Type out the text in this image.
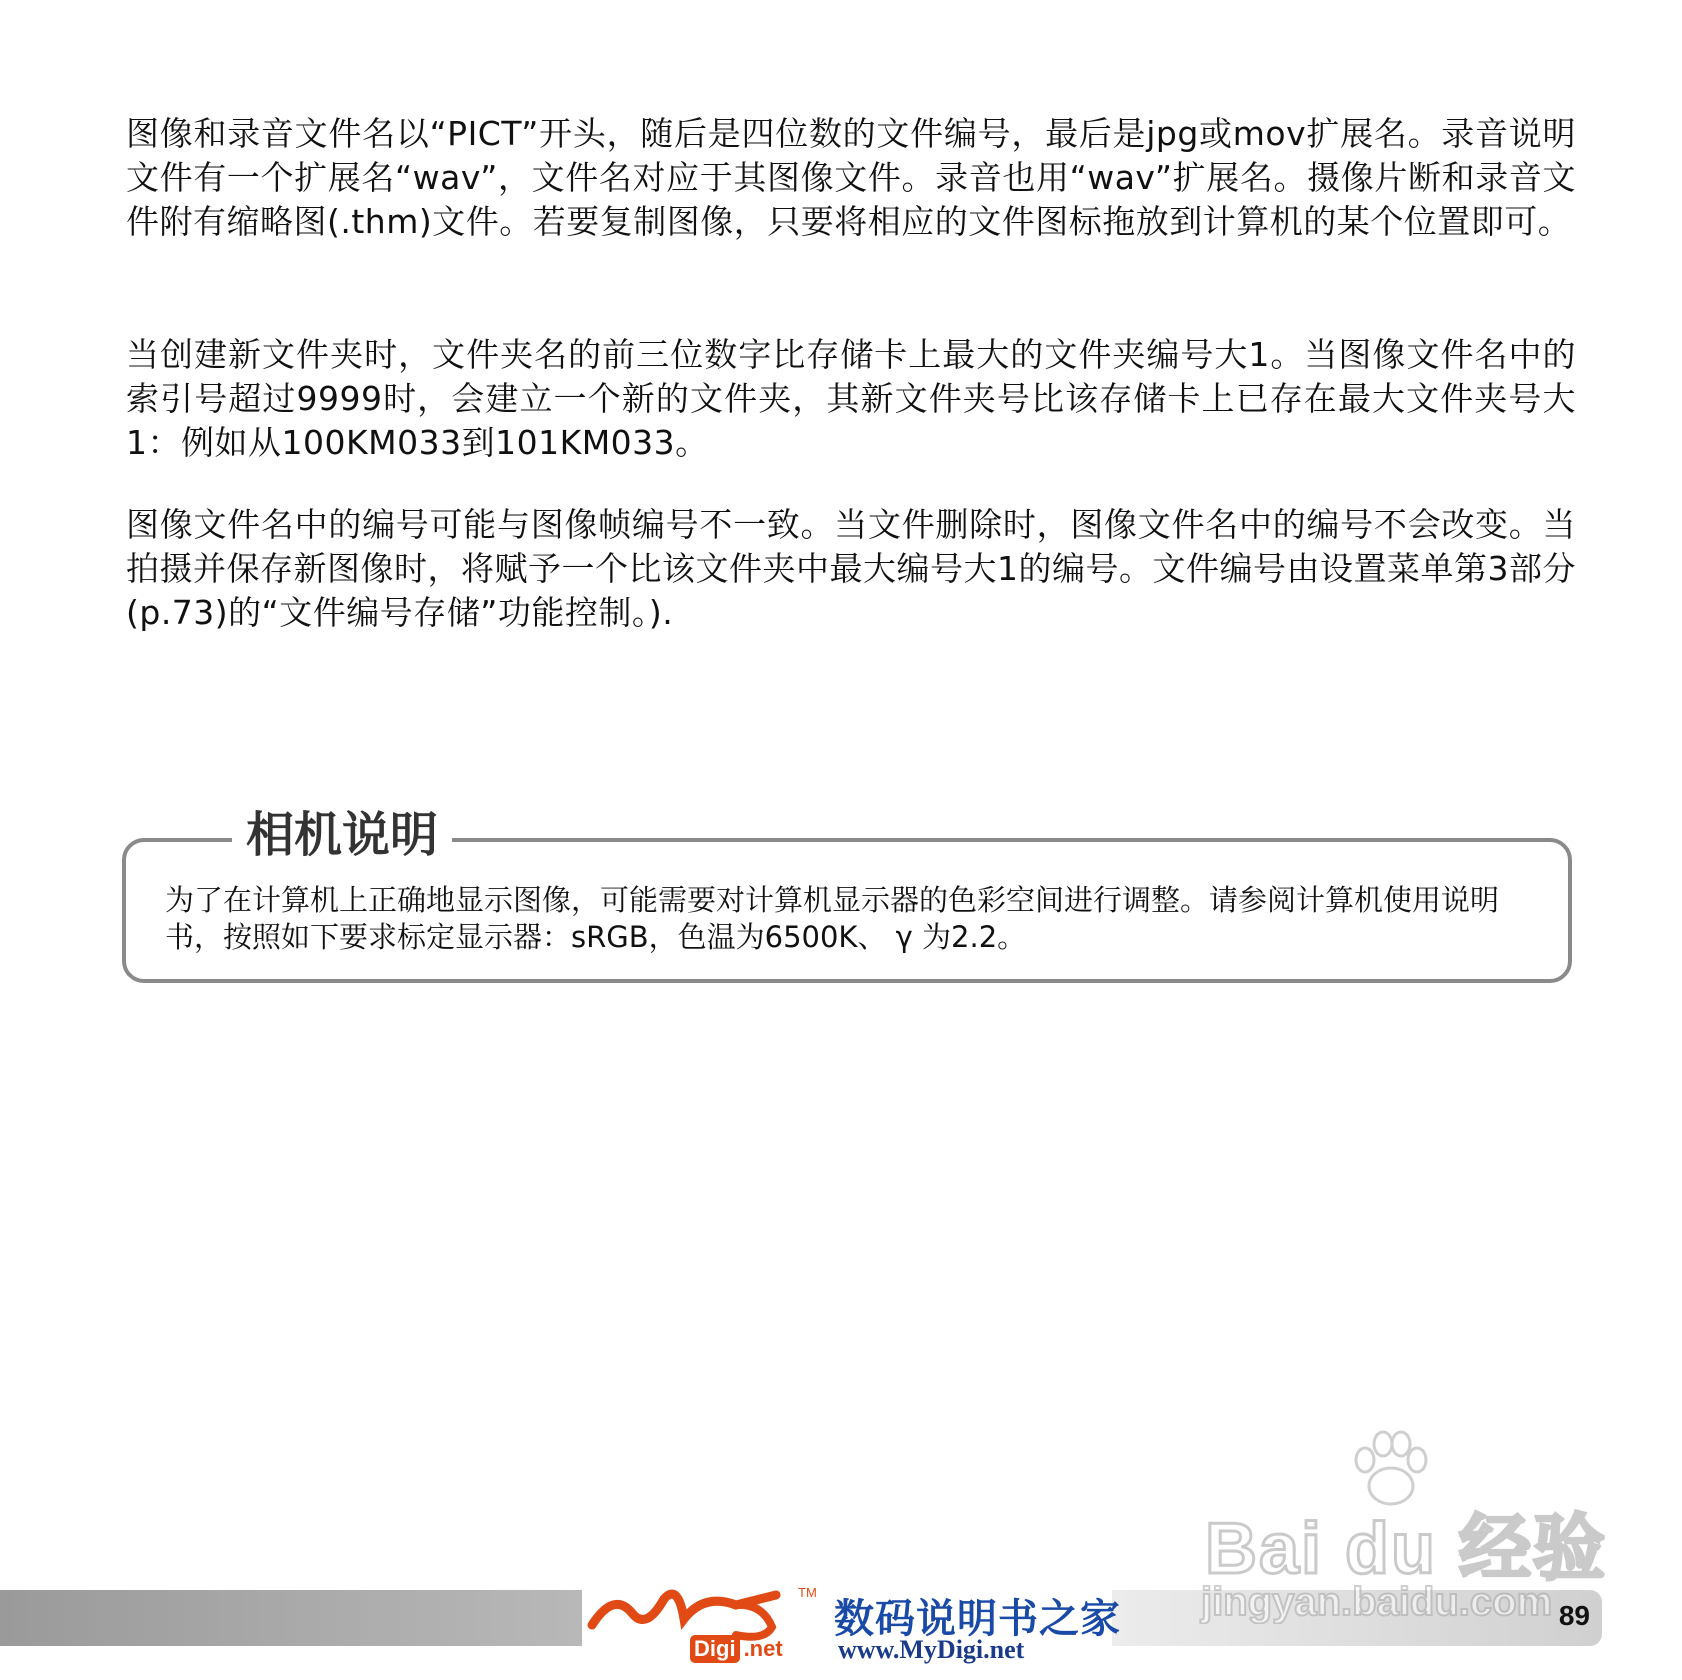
图像和录音文件名以“PICT”开头，随后是四位数的文件编号，最后是jpg或mov扩展名。录音说明文件有一个扩展名“wav”，文件名对应于其图像文件。录音也用“wav”扩展名。摄像片断和录音文件附有缩略图(.thm)文件。若要复制图像，只要将相应的文件图标拖放到计算机的某个位置即可。

当创建新文件夹时，文件夹名的前三位数字比存储卡上最大的文件夹编号大1。当图像文件名中的索引号超过9999时，会建立一个新的文件夹，其新文件夹号比该存储卡上已存在最大文件夹号大1：例如从100KM033到101KM033。

图像文件名中的编号可能与图像帧编号不一致。当文件删除时，图像文件名中的编号不会改变。当拍摄并保存新图像时，将赋予一个比该文件夹中最大编号大1的编号。文件编号由设置菜单第3部分(p.73)的“文件编号存储”功能控制。).

相机说明

为了在计算机上正确地显示图像，可能需要对计算机显示器的色彩空间进行调整。请参阅计算机使用说明书，按照如下要求标定显示器：sRGB，色温为6500K、 γ 为2.2。

89
TM
Digi .net
数码说明书之家
www.MyDigi.net
Bai du 经验
jingyan.baidu.com
